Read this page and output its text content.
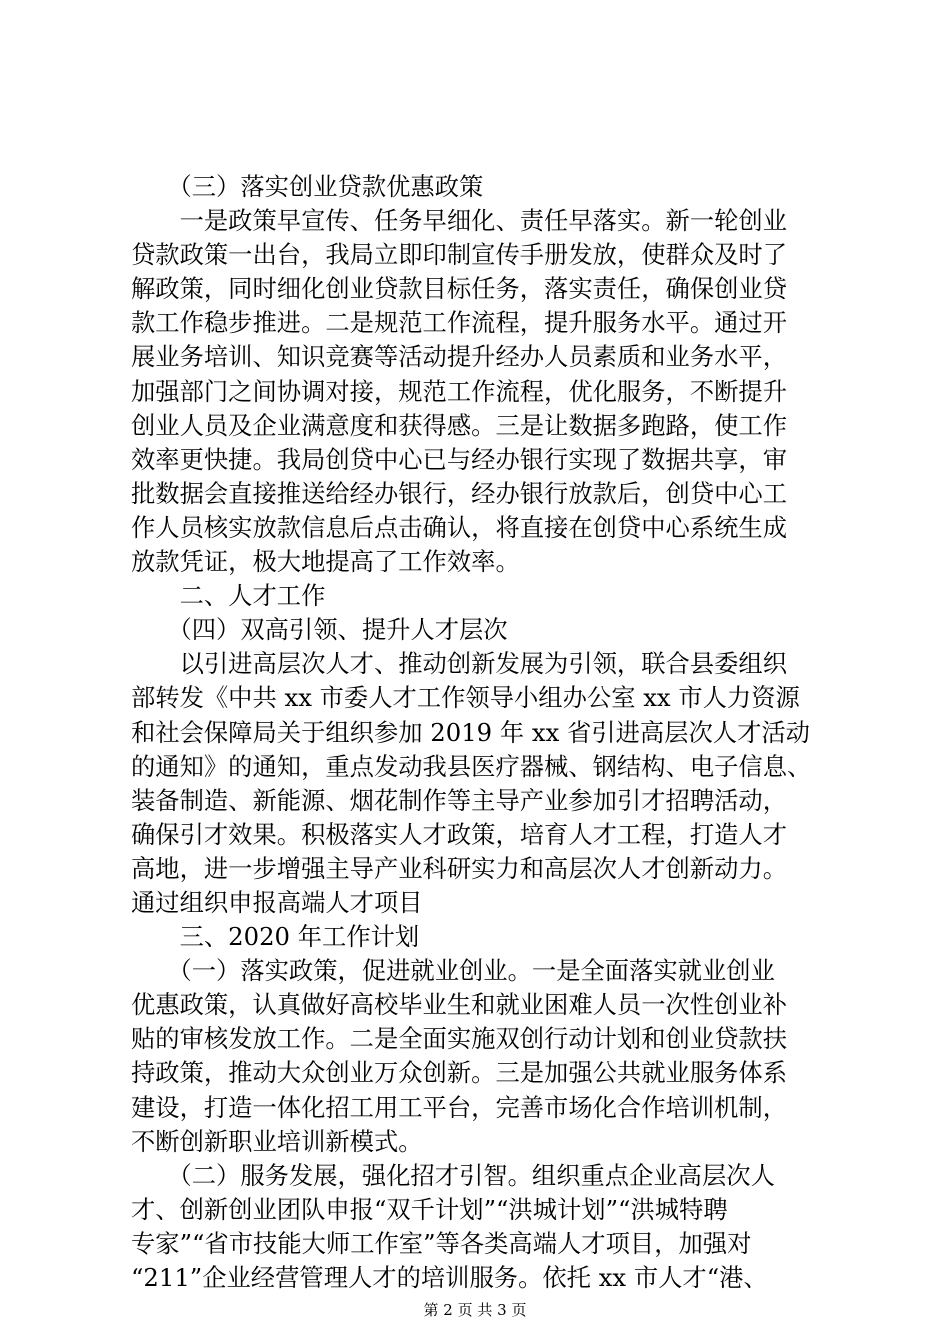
　　（三）落实创业贷款优惠政策
　　一是政策早宣传、任务早细化、责任早落实。新一轮创业
贷款政策一出台，我局立即印制宣传手册发放，使群众及时了
解政策，同时细化创业贷款目标任务，落实责任，确保创业贷
款工作稳步推进。二是规范工作流程，提升服务水平。通过开
展业务培训、知识竞赛等活动提升经办人员素质和业务水平，
加强部门之间协调对接，规范工作流程，优化服务，不断提升
创业人员及企业满意度和获得感。三是让数据多跑路，使工作
效率更快捷。我局创贷中心已与经办银行实现了数据共享，审
批数据会直接推送给经办银行，经办银行放款后，创贷中心工
作人员核实放款信息后点击确认，将直接在创贷中心系统生成
放款凭证，极大地提高了工作效率。
　　二、人才工作
　　（四）双高引领、提升人才层次
　　以引进高层次人才、推动创新发展为引领，联合县委组织
部转发《中共 xx 市委人才工作领导小组办公室 xx 市人力资源
和社会保障局关于组织参加 2019 年 xx 省引进高层次人才活动
的通知》的通知，重点发动我县医疗器械、钢结构、电子信息、
装备制造、新能源、烟花制作等主导产业参加引才招聘活动，
确保引才效果。积极落实人才政策，培育人才工程，打造人才
高地，进一步增强主导产业科研实力和高层次人才创新动力。
通过组织申报高端人才项目
　　三、2020 年工作计划
　　（一）落实政策，促进就业创业。一是全面落实就业创业
优惠政策，认真做好高校毕业生和就业困难人员一次性创业补
贴的审核发放工作。二是全面实施双创行动计划和创业贷款扶
持政策，推动大众创业万众创新。三是加强公共就业服务体系
建设，打造一体化招工用工平台，完善市场化合作培训机制，
不断创新职业培训新模式。
　　（二）服务发展，强化招才引智。组织重点企业高层次人
才、创新创业团队申报“双千计划”“洪城计划”“洪城特聘
专家”“省市技能大师工作室”等各类高端人才项目，加强对
“211”企业经营管理人才的培训服务。依托 xx 市人才“港、
第 2 页 共 3 页
